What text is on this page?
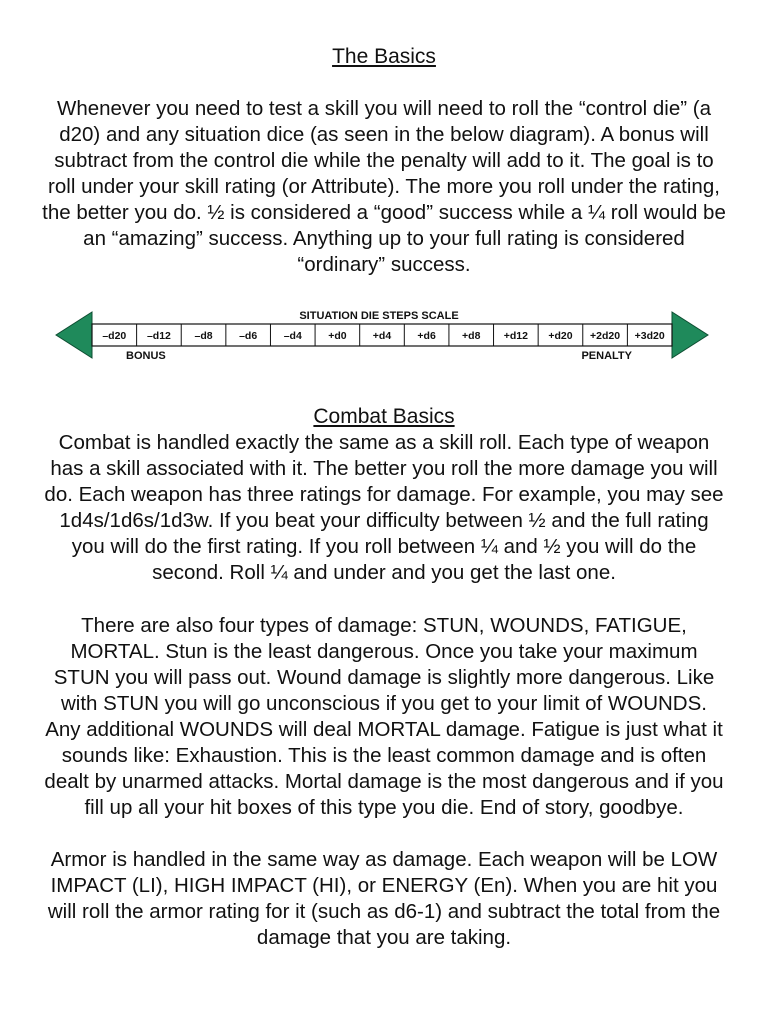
The Basics

Whenever you need to test a skill you will need to roll the “control die” (a d20) and any situation dice (as seen in the below diagram). A bonus will subtract from the control die while the penalty will add to it. The goal is to roll under your skill rating (or Attribute). The more you roll under the rating, the better you do. ½ is considered a “good” success while a ¼ roll would be an “amazing” success. Anything up to your full rating is considered “ordinary” success.

SITUATION DIE STEPS SCALE
BONUS	PENALTY
–d20 –d12 –d8	–d6	–d4	+d0 +d4 +d6 +d8 +d12 +d20 +2d20 +3d20
Combat Basics

Combat is handled exactly the same as a skill roll. Each type of weapon has a skill associated with it. The better you roll the more damage you will do. Each weapon has three ratings for damage. For example, you may see 1d4s/1d6s/1d3w. If you beat your difficulty between ½ and the full rating you will do the first rating. If you roll between ¼ and ½ you will do the second. Roll ¼ and under and you get the last one.

There are also four types of damage: STUN, WOUNDS, FATIGUE, MORTAL. Stun is the least dangerous. Once you take your maximum STUN you will pass out. Wound damage is slightly more dangerous. Like with STUN you will go unconscious if you get to your limit of WOUNDS. Any additional WOUNDS will deal MORTAL damage. Fatigue is just what it sounds like: Exhaustion. This is the least common damage and is often dealt by unarmed attacks. Mortal damage is the most dangerous and if you fill up all your hit boxes of this type you die. End of story, goodbye.

Armor is handled in the same way as damage. Each weapon will be LOW IMPACT (LI), HIGH IMPACT (HI), or ENERGY (En). When you are hit you will roll the armor rating for it (such as d6-1) and subtract the total from the damage that you are taking.
